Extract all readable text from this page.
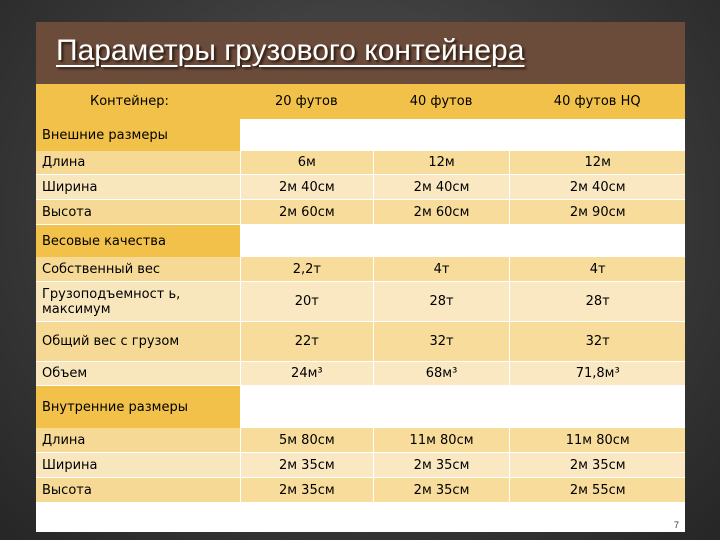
Параметры грузового контейнера
Контейнер:	20 футов	40 футов	40 футов HQ
Внешние размеры			
Длина	6м	12м	12м
Ширина	2м 40см	2м 40см	2м 40см
Высота	2м 60см	2м 60см	2м 90см
Весовые качества			
Собственный вес	2,2т	4т	4т
Грузоподъемност ь, максимум	20т	28т	28т
Общий вес с грузом	22т	32т	32т
Объем	24м³	68м³	71,8м³
Внутренние размеры			
Длина	5м 80см	11м 80см	11м 80см
Ширина	2м 35см	2м 35см	2м 35см
Высота	2м 35см	2м 35см	2м 55см
7
